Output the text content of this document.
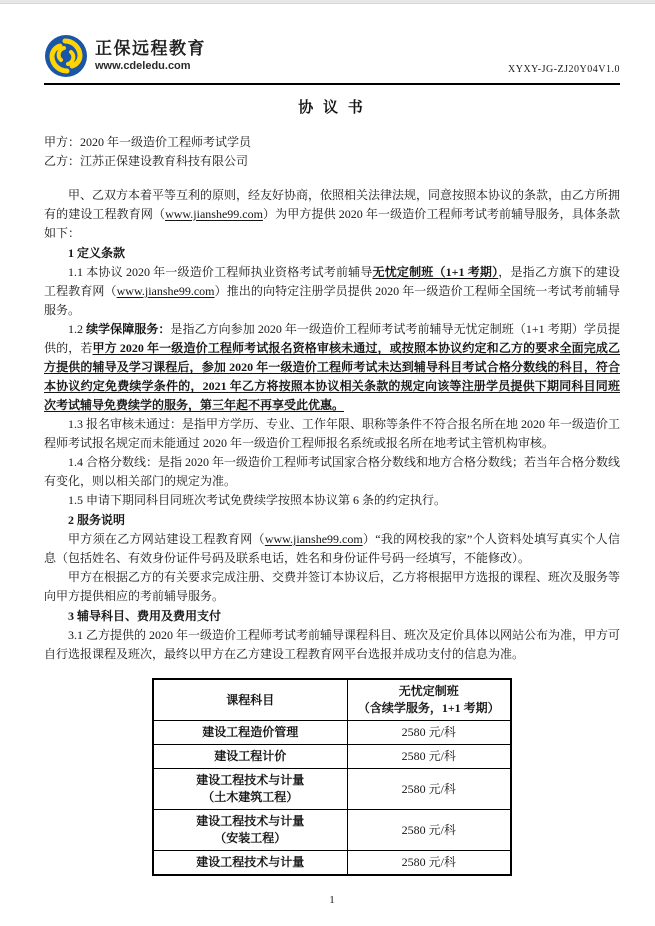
正保远程教育
www.cdeledu.com	XYXY-JG-ZJ20Y04V1.0
协 议 书

甲方：2020 年一级造价工程师考试学员

乙方：江苏正保建设教育科技有限公司

甲、乙双方本着平等互利的原则，经友好协商，依照相关法律法规，同意按照本协议的条款，由乙方所拥有的建设工程教育网（www.jianshe99.com）为甲方提供 2020 年一级造价工程师考试考前辅导服务，具体条款如下：

1 定义条款

1.1 本协议 2020 年一级造价工程师执业资格考试考前辅导无忧定制班（1+1 考期），是指乙方旗下的建设工程教育网（www.jianshe99.com）推出的向特定注册学员提供 2020 年一级造价工程师全国统一考试考前辅导服务。

1.2 续学保障服务：是指乙方向参加 2020 年一级造价工程师考试考前辅导无忧定制班（1+1 考期）学员提供的，若甲方 2020 年一级造价工程师考试报名资格审核未通过，或按照本协议约定和乙方的要求全面完成乙方提供的辅导及学习课程后，参加 2020 年一级造价工程师考试未达到辅导科目考试合格分数线的科目，符合本协议约定免费续学条件的，2021 年乙方将按照本协议相关条款的规定向该等注册学员提供下期同科目同班次考试辅导免费续学的服务，第三年起不再享受此优惠。

1.3 报名审核未通过：是指甲方学历、专业、工作年限、职称等条件不符合报名所在地 2020 年一级造价工程师考试报名规定而未能通过 2020 年一级造价工程师报名系统或报名所在地考试主管机构审核。

1.4 合格分数线：是指 2020 年一级造价工程师考试国家合格分数线和地方合格分数线；若当年合格分数线有变化，则以相关部门的规定为准。

1.5 申请下期同科目同班次考试免费续学按照本协议第 6 条的约定执行。

2 服务说明

甲方须在乙方网站建设工程教育网（www.jianshe99.com）“我的网校我的家”个人资料处填写真实个人信息（包括姓名、有效身份证件号码及联系电话，姓名和身份证件号码一经填写，不能修改）。

甲方在根据乙方的有关要求完成注册、交费并签订本协议后，乙方将根据甲方选报的课程、班次及服务等向甲方提供相应的考前辅导服务。

3 辅导科目、费用及费用支付

3.1 乙方提供的 2020 年一级造价工程师考试考前辅导课程科目、班次及定价具体以网站公布为准，甲方可自行选报课程及班次，最终以甲方在乙方建设工程教育网平台选报并成功支付的信息为准。

课程科目	无忧定制班
（含续学服务，1+1 考期）

建设工程造价管理	2580 元/科

建设工程计价	2580 元/科

建设工程技术与计量
（土木建筑工程）	2580 元/科

建设工程技术与计量
（安装工程）	2580 元/科

建设工程技术与计量	2580 元/科
1
